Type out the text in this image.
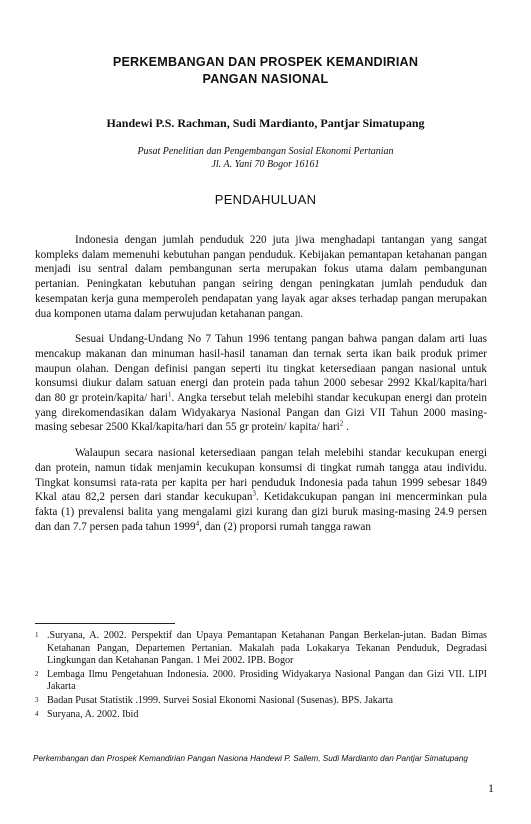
PERKEMBANGAN DAN PROSPEK KEMANDIRIAN
PANGAN NASIONAL
Handewi P.S. Rachman, Sudi Mardianto, Pantjar Simatupang
Pusat Penelitian dan Pengembangan Sosial Ekonomi Pertanian
Jl. A. Yani 70 Bogor 16161
PENDAHULUAN

Indonesia dengan jumlah penduduk 220 juta jiwa menghadapi tantangan yang sangat kompleks dalam memenuhi kebutuhan pangan penduduk. Kebijakan pemantapan ketahanan pangan menjadi isu sentral dalam pembangunan serta merupakan fokus utama dalam pembangunan pertanian. Peningkatan kebutuhan pangan seiring dengan peningkatan jumlah penduduk dan kesempatan kerja guna memperoleh pendapatan yang layak agar akses terhadap pangan merupakan dua komponen utama dalam perwujudan ketahanan pangan.

Sesuai Undang-Undang No 7 Tahun 1996 tentang pangan bahwa pangan dalam arti luas mencakup makanan dan minuman hasil-hasil tanaman dan ternak serta ikan baik produk primer maupun olahan. Dengan definisi pangan seperti itu tingkat ketersediaan pangan nasional untuk konsumsi diukur dalam satuan energi dan protein pada tahun 2000 sebesar 2992 Kkal/kapita/hari dan 80 gr protein/kapita/ hari$^1$. Angka tersebut telah melebihi standar kecukupan energi dan protein yang direkomendasikan dalam Widyakarya Nasional Pangan dan Gizi VII Tahun 2000 masing-masing sebesar 2500 Kkal/kapita/hari dan 55 gr protein/ kapita/ hari$^2$ .

Walaupun secara nasional ketersediaan pangan telah melebihi standar kecukupan energi dan protein, namun tidak menjamin kecukupan konsumsi di tingkat rumah tangga atau individu. Tingkat konsumsi rata-rata per kapita per hari penduduk Indonesia pada tahun 1999 sebesar 1849 Kkal atau 82,2 persen dari standar kecukupan$^3$. Ketidakcukupan pangan ini mencerminkan pula fakta (1) prevalensi balita yang mengalami gizi kurang dan gizi buruk masing-masing 24.9 persen dan dan 7.7 persen pada tahun 1999$^4$, dan (2) proporsi rumah tangga rawan

1 .Suryana, A. 2002. Perspektif dan Upaya Pemantapan Ketahanan Pangan Berkelan-jutan. Badan Bimas Ketahanan Pangan, Departemen Pertanian. Makalah pada Lokakarya Tekanan Penduduk, Degradasi Lingkungan dan Ketahanan Pangan. 1 Mei 2002. IPB. Bogor
2 Lembaga Ilmu Pengetahuan Indonesia. 2000. Prosiding Widyakarya Nasional Pangan dan Gizi VII. LIPI Jakarta
3 Badan Pusat Statistik .1999. Survei Sosial Ekonomi Nasional (Susenas). BPS. Jakarta
4 Suryana, A. 2002. Ibid
Perkembangan dan Prospek Kemandirian Pangan Nasiona Handewi P. Sallem, Sudi Mardianto dan Pantjar Simatupang
1
